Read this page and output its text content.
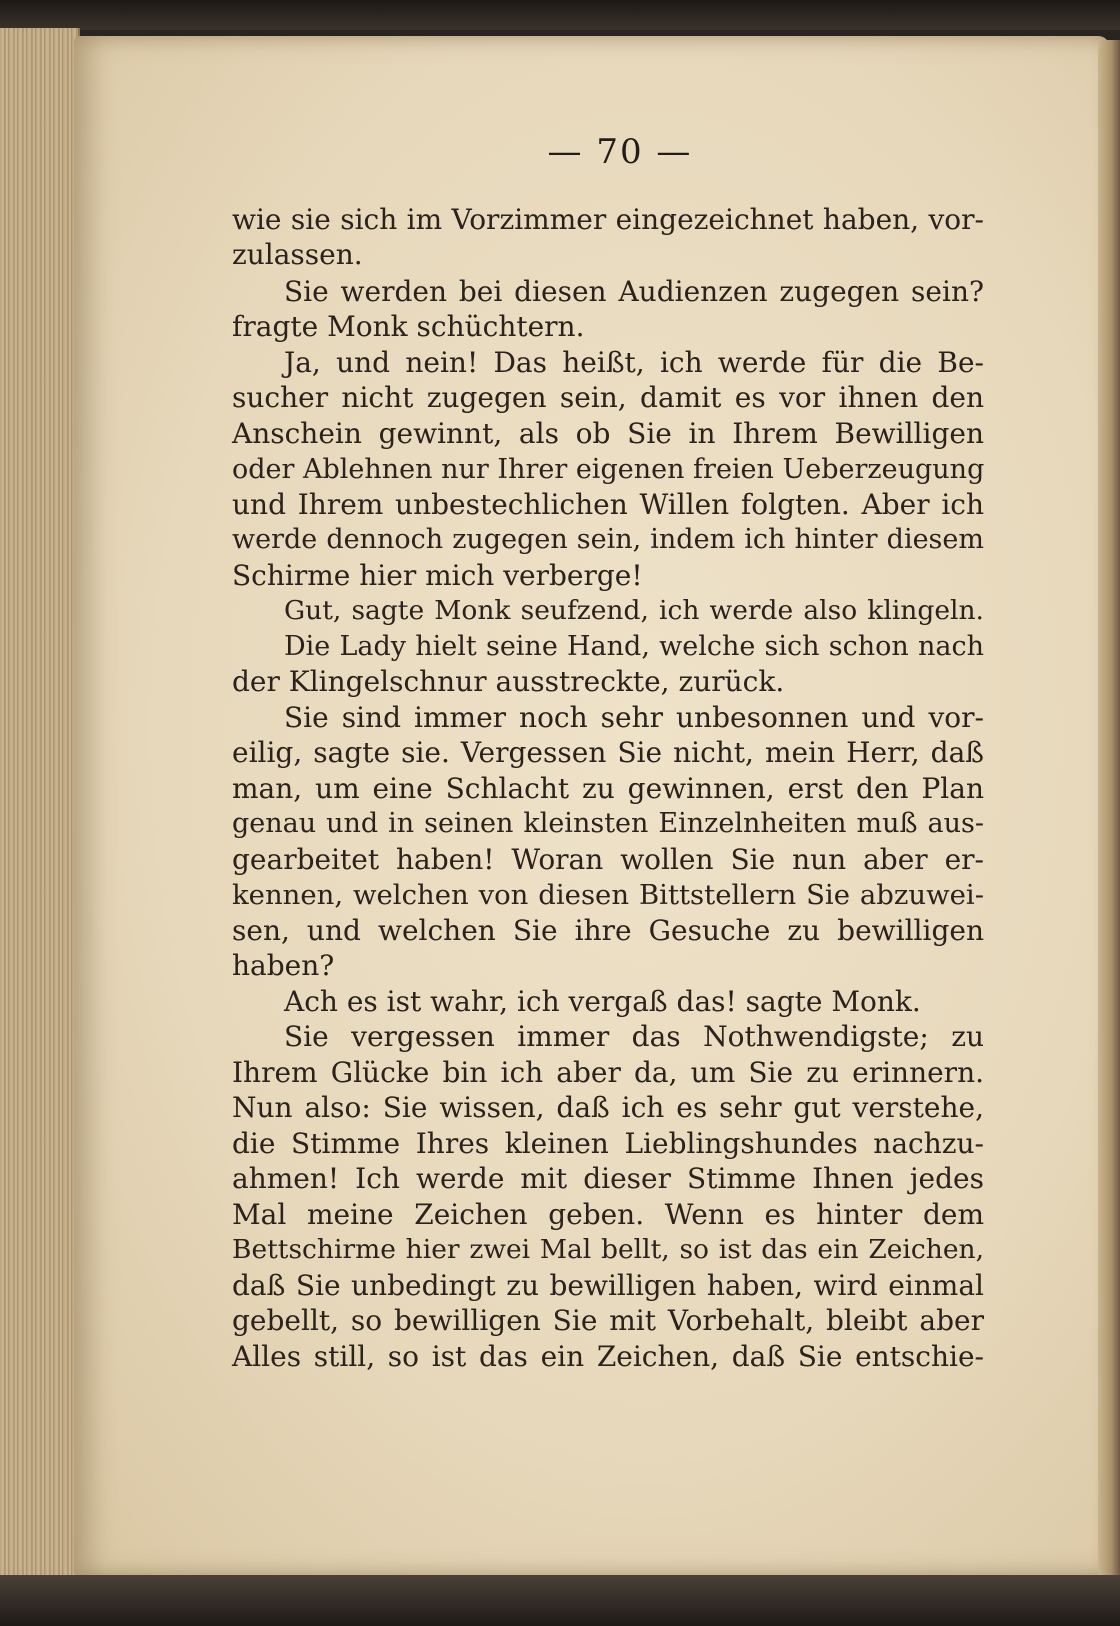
— 70 —
wie sie sich im Vorzimmer eingezeichnet haben, vor-
zulassen.
Sie werden bei diesen Audienzen zugegen sein?
fragte Monk schüchtern.
Ja, und nein! Das heißt, ich werde für die Be-
sucher nicht zugegen sein, damit es vor ihnen den
Anschein gewinnt, als ob Sie in Ihrem Bewilligen
oder Ablehnen nur Ihrer eigenen freien Ueberzeugung
und Ihrem unbestechlichen Willen folgten. Aber ich
werde dennoch zugegen sein, indem ich hinter diesem
Schirme hier mich verberge!
Gut, sagte Monk seufzend, ich werde also klingeln.
Die Lady hielt seine Hand, welche sich schon nach
der Klingelschnur ausstreckte, zurück.
Sie sind immer noch sehr unbesonnen und vor-
eilig, sagte sie. Vergessen Sie nicht, mein Herr, daß
man, um eine Schlacht zu gewinnen, erst den Plan
genau und in seinen kleinsten Einzelnheiten muß aus-
gearbeitet haben! Woran wollen Sie nun aber er-
kennen, welchen von diesen Bittstellern Sie abzuwei-
sen, und welchen Sie ihre Gesuche zu bewilligen
haben?
Ach es ist wahr, ich vergaß das! sagte Monk.
Sie vergessen immer das Nothwendigste; zu
Ihrem Glücke bin ich aber da, um Sie zu erinnern.
Nun also: Sie wissen, daß ich es sehr gut verstehe,
die Stimme Ihres kleinen Lieblingshundes nachzu-
ahmen! Ich werde mit dieser Stimme Ihnen jedes
Mal meine Zeichen geben. Wenn es hinter dem
Bettschirme hier zwei Mal bellt, so ist das ein Zeichen,
daß Sie unbedingt zu bewilligen haben, wird einmal
gebellt, so bewilligen Sie mit Vorbehalt, bleibt aber
Alles still, so ist das ein Zeichen, daß Sie entschie-
